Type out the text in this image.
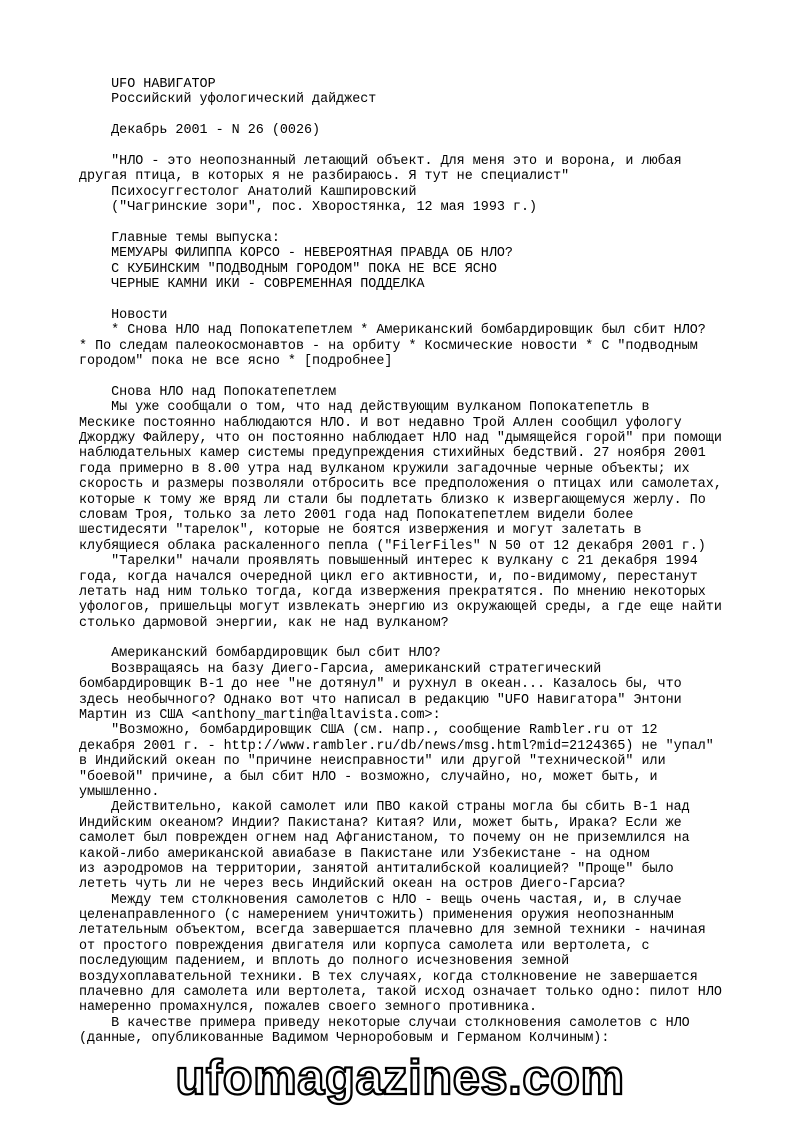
UFO НАВИГАТОР
Российский уфологический дайджест
Декабрь 2001 - N 26 (0026)
"НЛО - это неопознанный летающий объект. Для меня это и ворона, и любая
другая птица, в которых я не разбираюсь. Я тут не специалист"
Психосуггестолог Анатолий Кашпировский
("Чагринские зори", пос. Хворостянка, 12 мая 1993 г.)
Главные темы выпуска:
МЕМУАРЫ ФИЛИППА КОРСО - НЕВЕРОЯТНАЯ ПРАВДА ОБ НЛО?
С КУБИНСКИМ "ПОДВОДНЫМ ГОРОДОМ" ПОКА НЕ ВСЕ ЯСНО
ЧЕРНЫЕ КАМНИ ИКИ - СОВРЕМЕННАЯ ПОДДЕЛКА
Новости
* Снова НЛО над Попокатепетлем * Американский бомбардировщик был сбит НЛО?
* По следам палеокосмонавтов - на орбиту * Космические новости * С "подводным
городом" пока не все ясно * [подробнее]
Снова НЛО над Попокатепетлем
Мы уже сообщали о том, что над действующим вулканом Попокатепетль в
Мескике постоянно наблюдаются НЛО. И вот недавно Трой Аллен сообщил уфологу
Джорджу Файлеру, что он постоянно наблюдает НЛО над "дымящейся горой" при помощи
наблюдательных камер системы предупреждения стихийных бедствий. 27 ноября 2001
года примерно в 8.00 утра над вулканом кружили загадочные черные объекты; их
скорость и размеры позволяли отбросить все предположения о птицах или самолетах,
которые к тому же вряд ли стали бы подлетать близко к извергающемуся жерлу. По
словам Троя, только за лето 2001 года над Попокатепетлем видели более
шестидесяти "тарелок", которые не боятся извержения и могут залетать в
клубящиеся облака раскаленного пепла ("FilerFiles" N 50 от 12 декабря 2001 г.)
"Тарелки" начали проявлять повышенный интерес к вулкану с 21 декабря 1994
года, когда начался очередной цикл его активности, и, по-видимому, перестанут
летать над ним только тогда, когда извержения прекратятся. По мнению некоторых
уфологов, пришельцы могут извлекать энергию из окружающей среды, а где еще найти
столько дармовой энергии, как не над вулканом?
Американский бомбардировщик был сбит НЛО?
Возвращаясь на базу Диего-Гарсиа, американский стратегический
бомбардировщик B-1 до нее "не дотянул" и рухнул в океан... Казалось бы, что
здесь необычного? Однако вот что написал в редакцию "UFO Навигатора" Энтони
Мартин из США <anthony_martin@altavista.com>:
"Возможно, бомбардировщик США (см. напр., сообщение Rambler.ru от 12
декабря 2001 г. - http://www.rambler.ru/db/news/msg.html?mid=2124365) не "упал"
в Индийский океан по "причине неисправности" или другой "технической" или
"боевой" причине, а был сбит НЛО - возможно, случайно, но, может быть, и
умышленно.
Действительно, какой самолет или ПВО какой страны могла бы сбить B-1 над
Индийским океаном? Индии? Пакистана? Китая? Или, может быть, Ирака? Если же
самолет был поврежден огнем над Афганистаном, то почему он не приземлился на
какой-либо американской авиабазе в Пакистане или Узбекистане - на одном
из аэродромов на территории, занятой антиталибской коалицией? "Проще" было
лететь чуть ли не через весь Индийский океан на остров Диего-Гарсиа?
Между тем столкновения самолетов с НЛО - вещь очень частая, и, в случае
целенаправленного (с намерением уничтожить) применения оружия неопознанным
летательным объектом, всегда завершается плачевно для земной техники - начиная
от простого повреждения двигателя или корпуса самолета или вертолета, с
последующим падением, и вплоть до полного исчезновения земной
воздухоплавательной техники. В тех случаях, когда столкновение не завершается
плачевно для самолета или вертолета, такой исход означает только одно: пилот НЛО
намеренно промахнулся, пожалев своего земного противника.
В качестве примера приведу некоторые случаи столкновения самолетов с НЛО
(данные, опубликованные Вадимом Черноробовым и Германом Колчиным):
ufomagazines.com
